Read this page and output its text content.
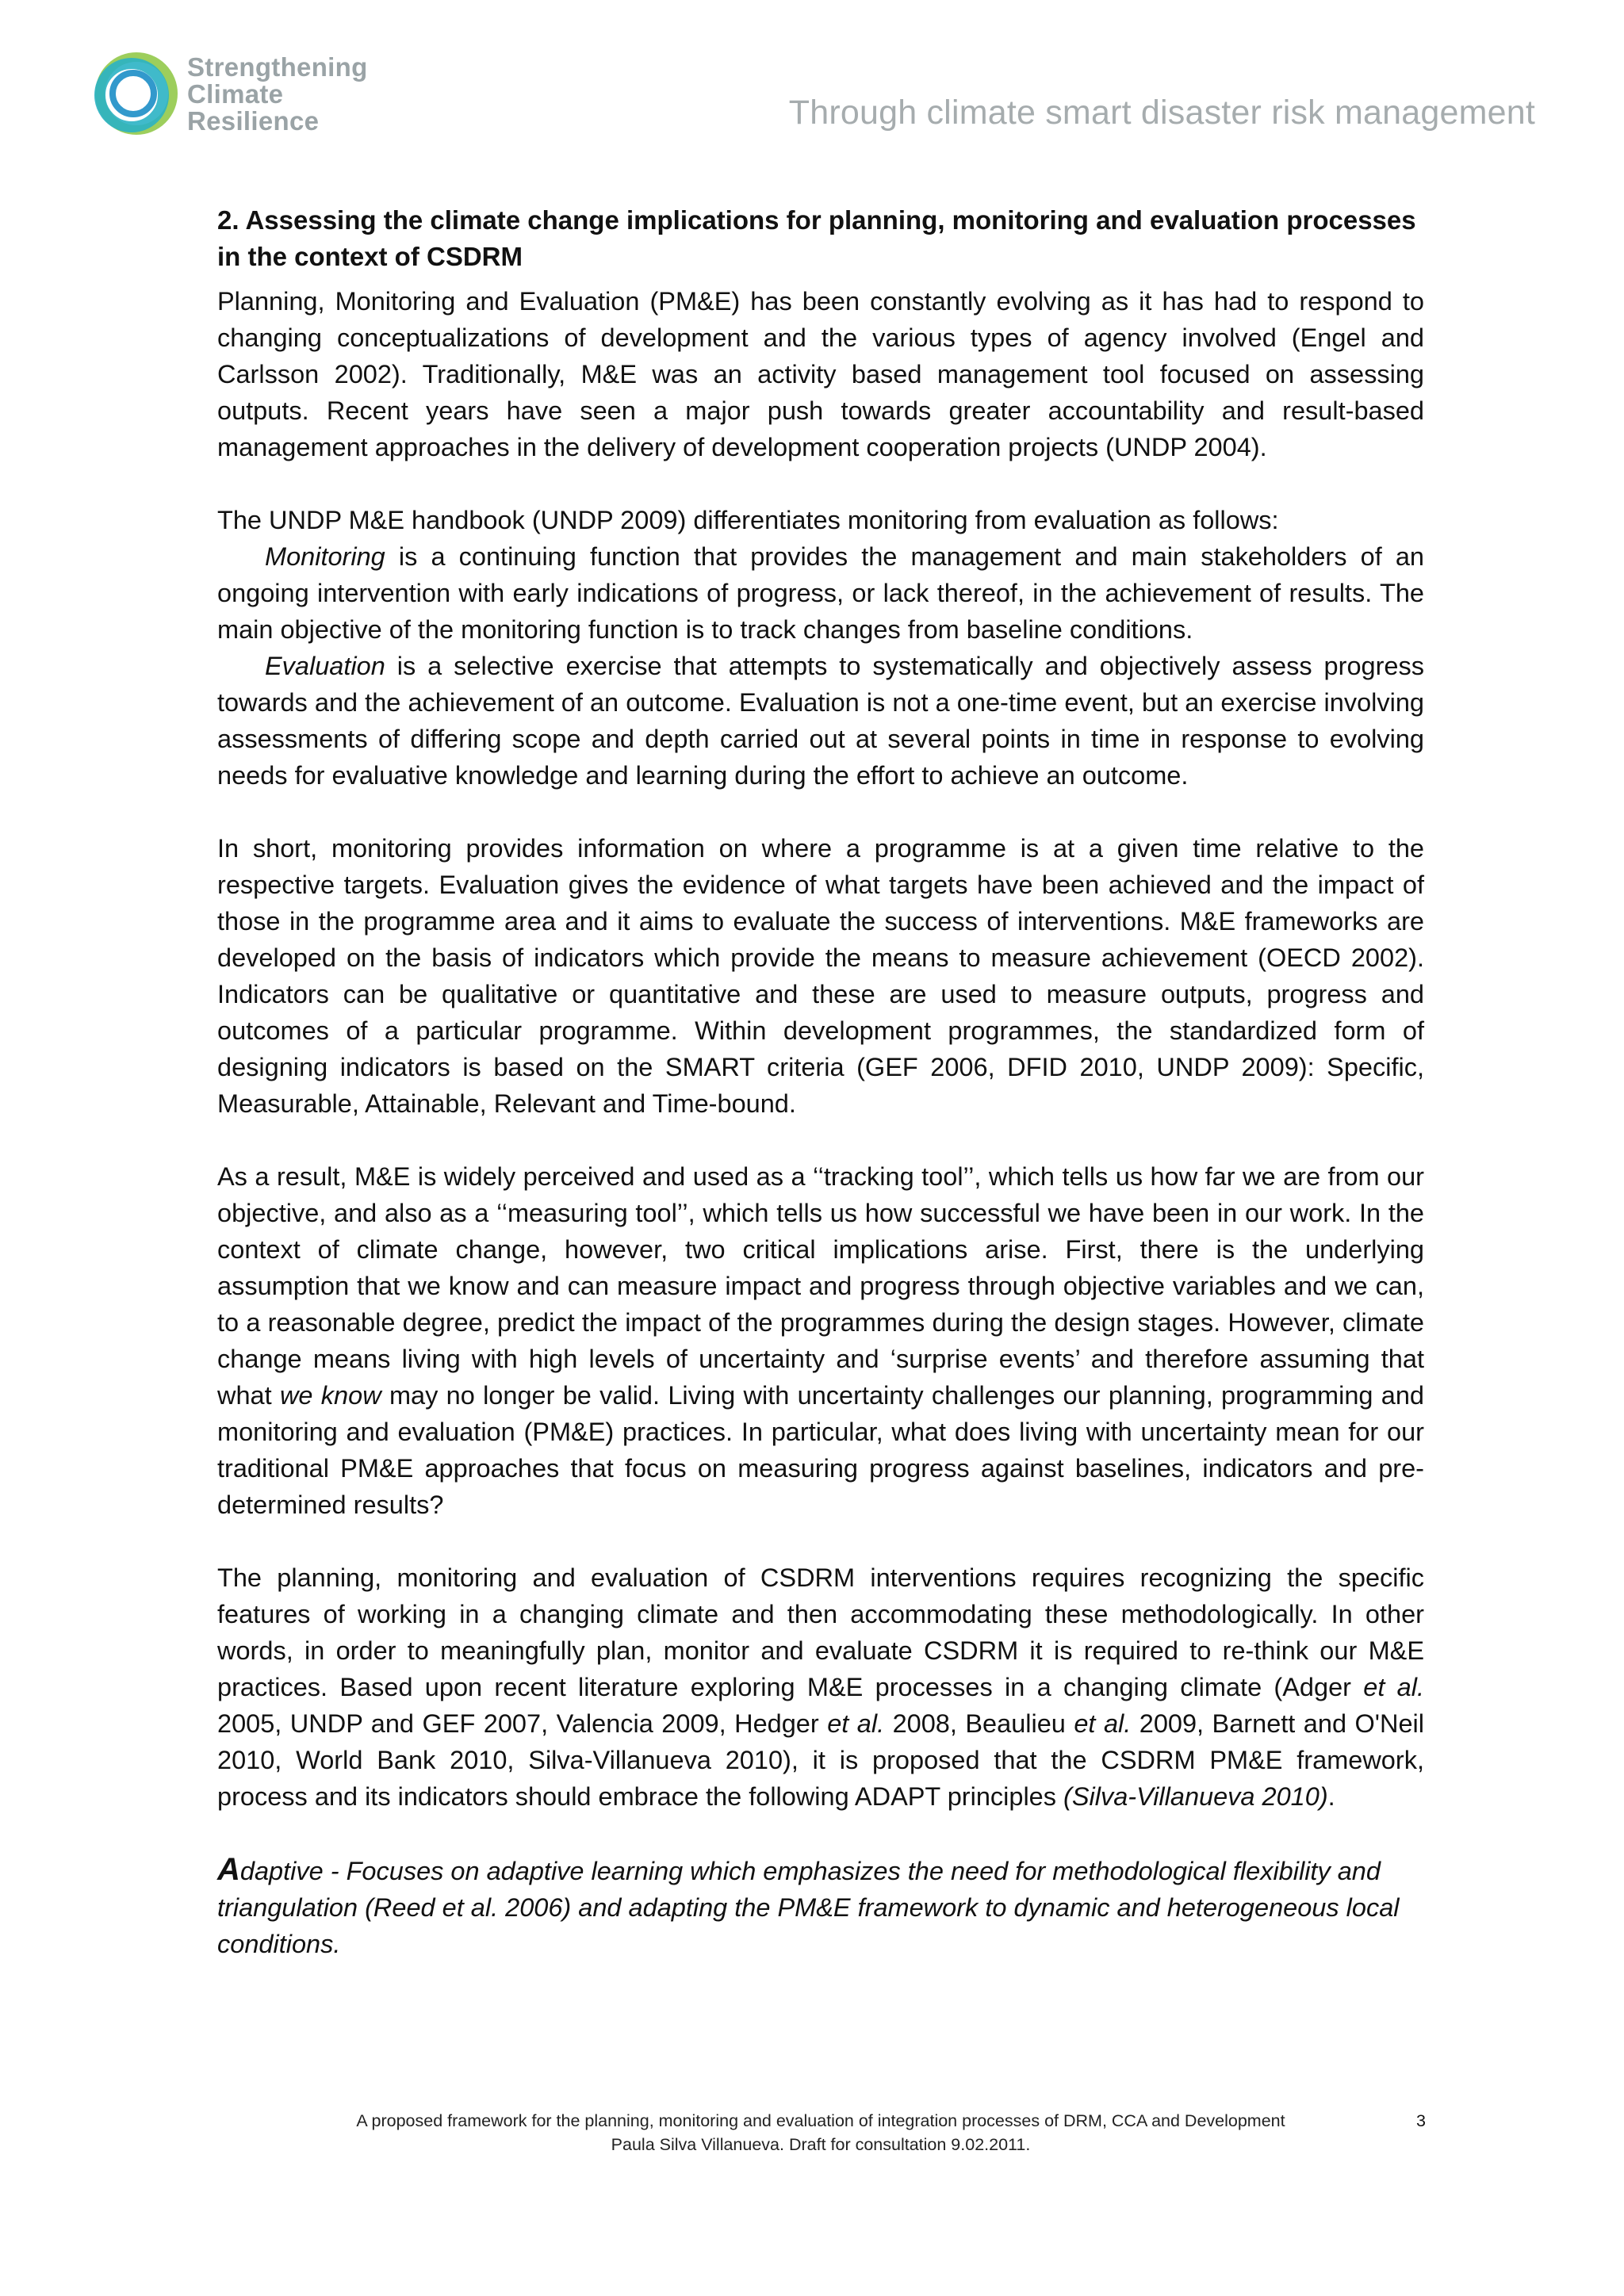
Strengthening
Climate
Resilience	Through climate smart disaster risk management
2. Assessing the climate change implications for planning, monitoring and evaluation processes
in the context of CSDRM

Planning, Monitoring and Evaluation (PM&E) has been constantly evolving as it has had to respond to changing conceptualizations of development and the various types of agency involved (Engel and Carlsson 2002). Traditionally, M&E was an activity based management tool focused on assessing outputs. Recent years have seen a major push towards greater accountability and result-based management approaches in the delivery of development cooperation projects (UNDP 2004).

The UNDP M&E handbook (UNDP 2009) differentiates monitoring from evaluation as follows:

Monitoring is a continuing function that provides the management and main stakeholders of an ongoing intervention with early indications of progress, or lack thereof, in the achievement of results. The main objective of the monitoring function is to track changes from baseline conditions.

Evaluation is a selective exercise that attempts to systematically and objectively assess progress towards and the achievement of an outcome. Evaluation is not a one-time event, but an exercise involving assessments of differing scope and depth carried out at several points in time in response to evolving needs for evaluative knowledge and learning during the effort to achieve an outcome.

In short, monitoring provides information on where a programme is at a given time relative to the respective targets. Evaluation gives the evidence of what targets have been achieved and the impact of those in the programme area and it aims to evaluate the success of interventions. M&E frameworks are developed on the basis of indicators which provide the means to measure achievement (OECD 2002). Indicators can be qualitative or quantitative and these are used to measure outputs, progress and outcomes of a particular programme. Within development programmes, the standardized form of designing indicators is based on the SMART criteria (GEF 2006, DFID 2010, UNDP 2009): Specific, Measurable, Attainable, Relevant and Time-bound.

As a result, M&E is widely perceived and used as a ‘‘tracking tool’’, which tells us how far we are from our objective, and also as a ‘‘measuring tool’’, which tells us how successful we have been in our work. In the context of climate change, however, two critical implications arise. First, there is the underlying assumption that we know and can measure impact and progress through objective variables and we can, to a reasonable degree, predict the impact of the programmes during the design stages. However, climate change means living with high levels of uncertainty and ‘surprise events’ and therefore assuming that what we know may no longer be valid. Living with uncertainty challenges our planning, programming and monitoring and evaluation (PM&E) practices. In particular, what does living with uncertainty mean for our traditional PM&E approaches that focus on measuring progress against baselines, indicators and pre-determined results?

The planning, monitoring and evaluation of CSDRM interventions requires recognizing the specific features of working in a changing climate and then accommodating these methodologically. In other words, in order to meaningfully plan, monitor and evaluate CSDRM it is required to re-think our M&E practices. Based upon recent literature exploring M&E processes in a changing climate (Adger et al. 2005, UNDP and GEF 2007, Valencia 2009, Hedger et al. 2008, Beaulieu et al. 2009, Barnett and O'Neil 2010, World Bank 2010, Silva-Villanueva 2010), it is proposed that the CSDRM PM&E framework, process and its indicators should embrace the following ADAPT principles (Silva-Villanueva 2010).

Adaptive - Focuses on adaptive learning which emphasizes the need for methodological flexibility and triangulation (Reed et al. 2006) and adapting the PM&E framework to dynamic and heterogeneous local conditions.

A proposed framework for the planning, monitoring and evaluation of integration processes of DRM, CCA and Development
Paula Silva Villanueva. Draft for consultation 9.02.2011.
3
